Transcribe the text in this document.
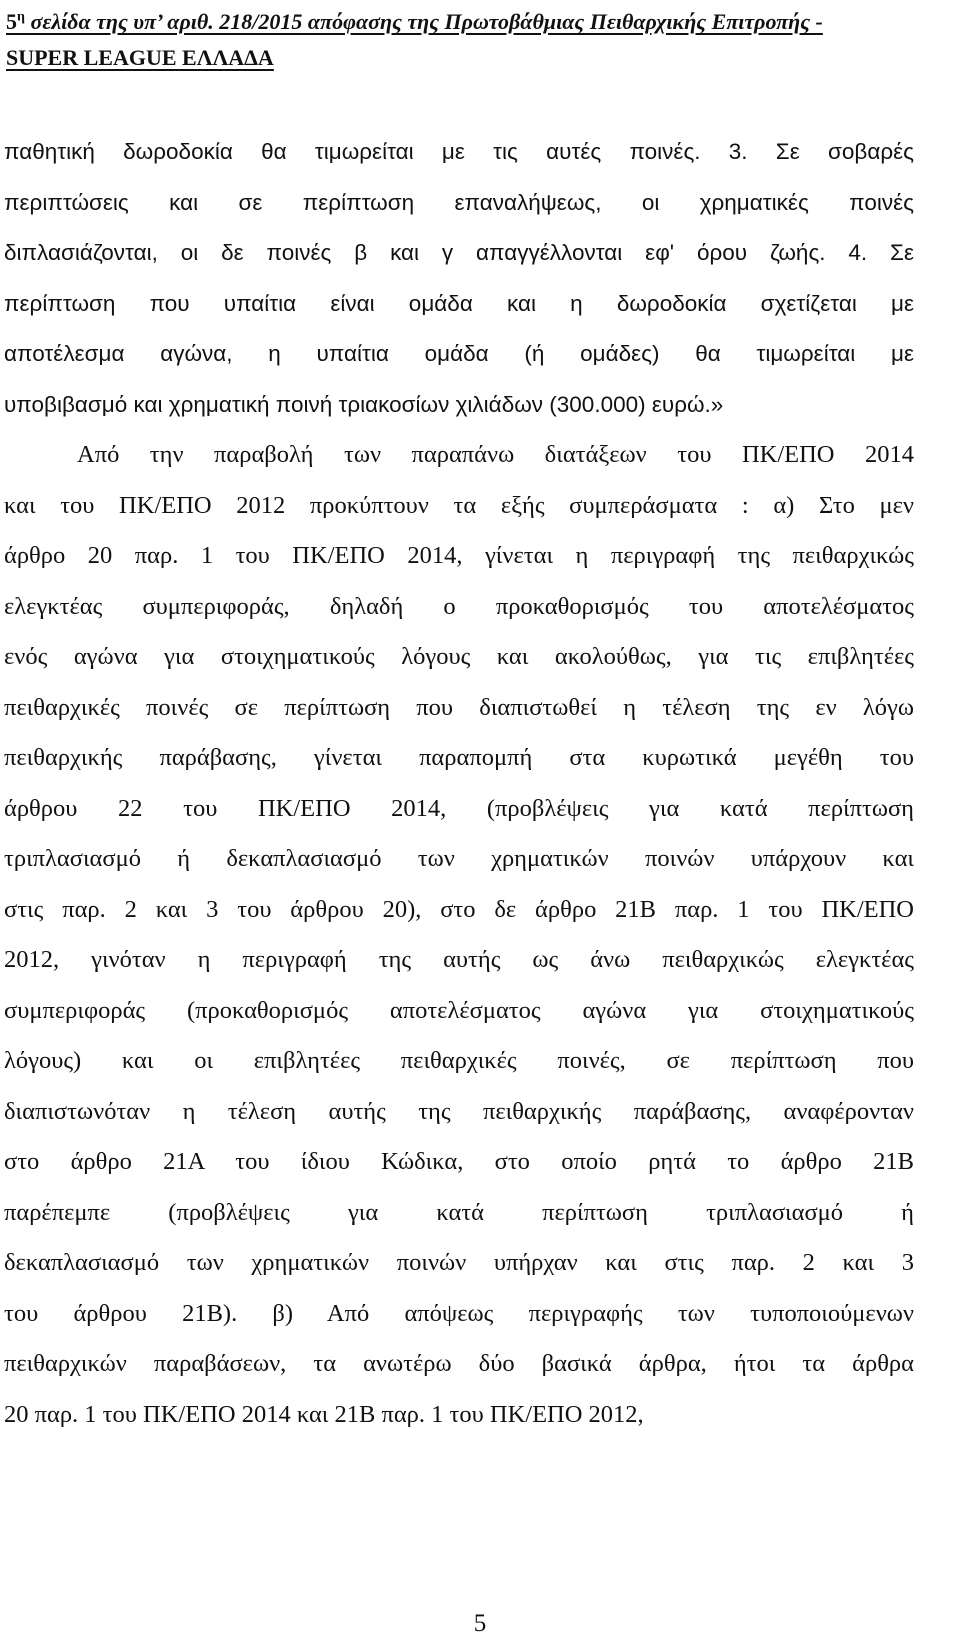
$5^\eta$ σελίδα της υπ’ αριθ. 218/2015 απόφασης της Πρωτοβάθμιας Πειθαρχικής Επιτροπής -
SUPER LEAGUE ΕΛΛΑΔΑ
παθητική δωροδοκία θα τιμωρείται με τις αυτές ποινές. 3. Σε σοβαρές
περιπτώσεις και σε περίπτωση επαναλήψεως, οι χρηματικές ποινές
διπλασιάζονται, οι δε ποινές β και γ απαγγέλλονται εφ' όρου ζωής. 4. Σε
περίπτωση που υπαίτια είναι ομάδα και η δωροδοκία σχετίζεται με
αποτέλεσμα αγώνα, η υπαίτια ομάδα (ή ομάδες) θα τιμωρείται με
υποβιβασμό και χρηματική ποινή τριακοσίων χιλιάδων (300.000) ευρώ.»
Από την παραβολή των παραπάνω διατάξεων του ΠΚ/ΕΠΟ 2014
και του ΠΚ/ΕΠΟ 2012 προκύπτουν τα εξής συμπεράσματα : α) Στο μεν
άρθρο 20 παρ. 1 του ΠΚ/ΕΠΟ 2014, γίνεται η περιγραφή της πειθαρχικώς
ελεγκτέας συμπεριφοράς, δηλαδή ο προκαθορισμός του αποτελέσματος
ενός αγώνα για στοιχηματικούς λόγους και ακολούθως, για τις επιβλητέες
πειθαρχικές ποινές σε περίπτωση που διαπιστωθεί η τέλεση της εν λόγω
πειθαρχικής παράβασης, γίνεται παραπομπή στα κυρωτικά μεγέθη του
άρθρου 22 του ΠΚ/ΕΠΟ 2014, (προβλέψεις για κατά περίπτωση
τριπλασιασμό ή δεκαπλασιασμό των χρηματικών ποινών υπάρχουν και
στις παρ. 2 και 3 του άρθρου 20), στο δε άρθρο 21Β παρ. 1 του ΠΚ/ΕΠΟ
2012, γινόταν η περιγραφή της αυτής ως άνω πειθαρχικώς ελεγκτέας
συμπεριφοράς (προκαθορισμός αποτελέσματος αγώνα για στοιχηματικούς
λόγους) και οι επιβλητέες πειθαρχικές ποινές, σε περίπτωση που
διαπιστωνόταν η τέλεση αυτής της πειθαρχικής παράβασης, αναφέρονταν
στο άρθρο 21Α του ίδιου Κώδικα, στο οποίο ρητά το άρθρο 21Β
παρέπεμπε (προβλέψεις για κατά περίπτωση τριπλασιασμό ή
δεκαπλασιασμό των χρηματικών ποινών υπήρχαν και στις παρ. 2 και 3
του άρθρου 21Β). β) Από απόψεως περιγραφής των τυποποιούμενων
πειθαρχικών παραβάσεων, τα ανωτέρω δύο βασικά άρθρα, ήτοι τα άρθρα
20 παρ. 1 του ΠΚ/ΕΠΟ 2014 και 21Β παρ. 1 του ΠΚ/ΕΠΟ 2012,
5
